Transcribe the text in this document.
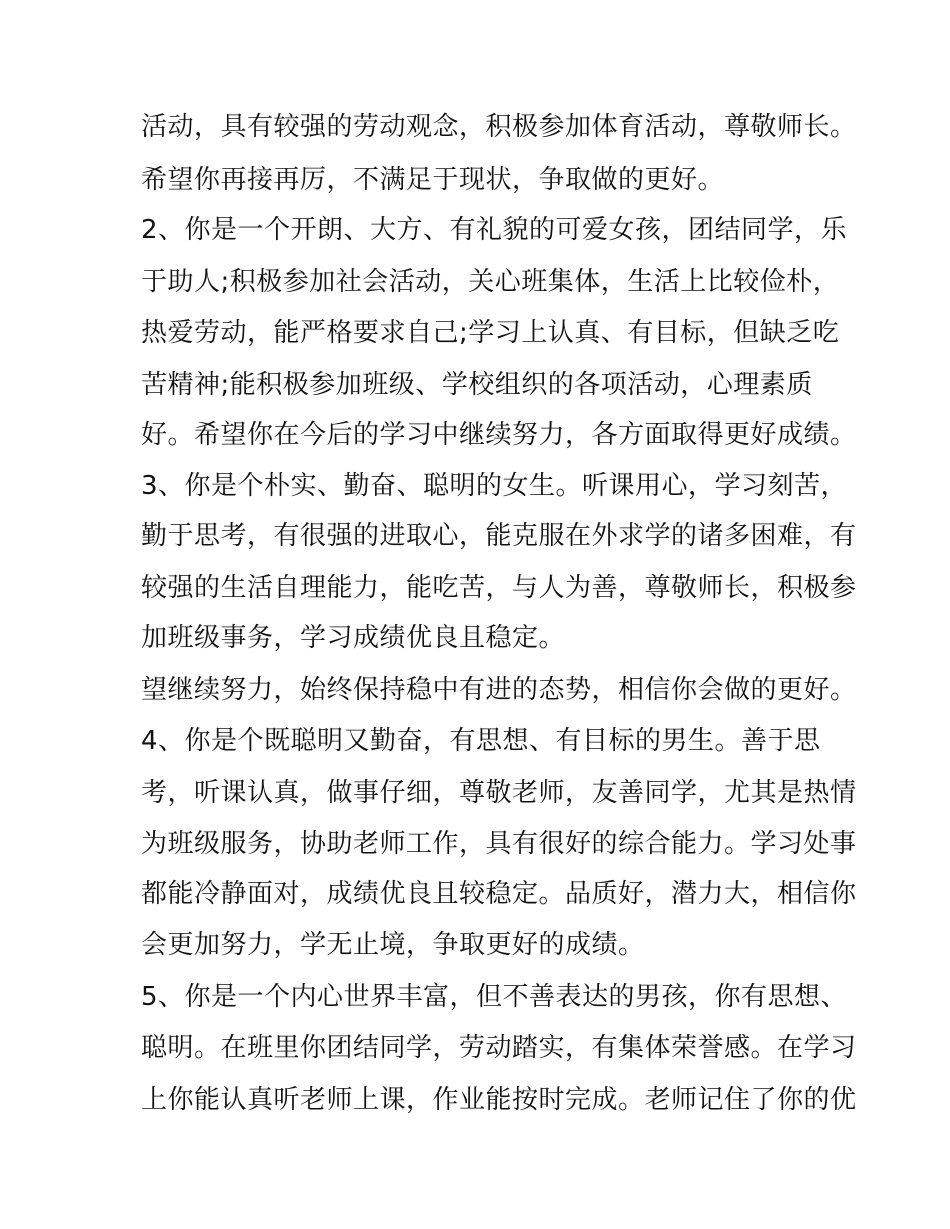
活动，具有较强的劳动观念，积极参加体育活动，尊敬师长。
希望你再接再厉，不满足于现状，争取做的更好。
2、你是一个开朗、大方、有礼貌的可爱女孩，团结同学，乐
于助人;积极参加社会活动，关心班集体，生活上比较俭朴，
热爱劳动，能严格要求自己;学习上认真、有目标，但缺乏吃
苦精神;能积极参加班级、学校组织的各项活动，心理素质
好。希望你在今后的学习中继续努力，各方面取得更好成绩。
3、你是个朴实、勤奋、聪明的女生。听课用心，学习刻苦，
勤于思考，有很强的进取心，能克服在外求学的诸多困难，有
较强的生活自理能力，能吃苦，与人为善，尊敬师长，积极参
加班级事务，学习成绩优良且稳定。
望继续努力，始终保持稳中有进的态势，相信你会做的更好。
4、你是个既聪明又勤奋，有思想、有目标的男生。善于思
考，听课认真，做事仔细，尊敬老师，友善同学，尤其是热情
为班级服务，协助老师工作，具有很好的综合能力。学习处事
都能冷静面对，成绩优良且较稳定。品质好，潜力大，相信你
会更加努力，学无止境，争取更好的成绩。
5、你是一个内心世界丰富，但不善表达的男孩，你有思想、
聪明。在班里你团结同学，劳动踏实，有集体荣誉感。在学习
上你能认真听老师上课，作业能按时完成。老师记住了你的优
